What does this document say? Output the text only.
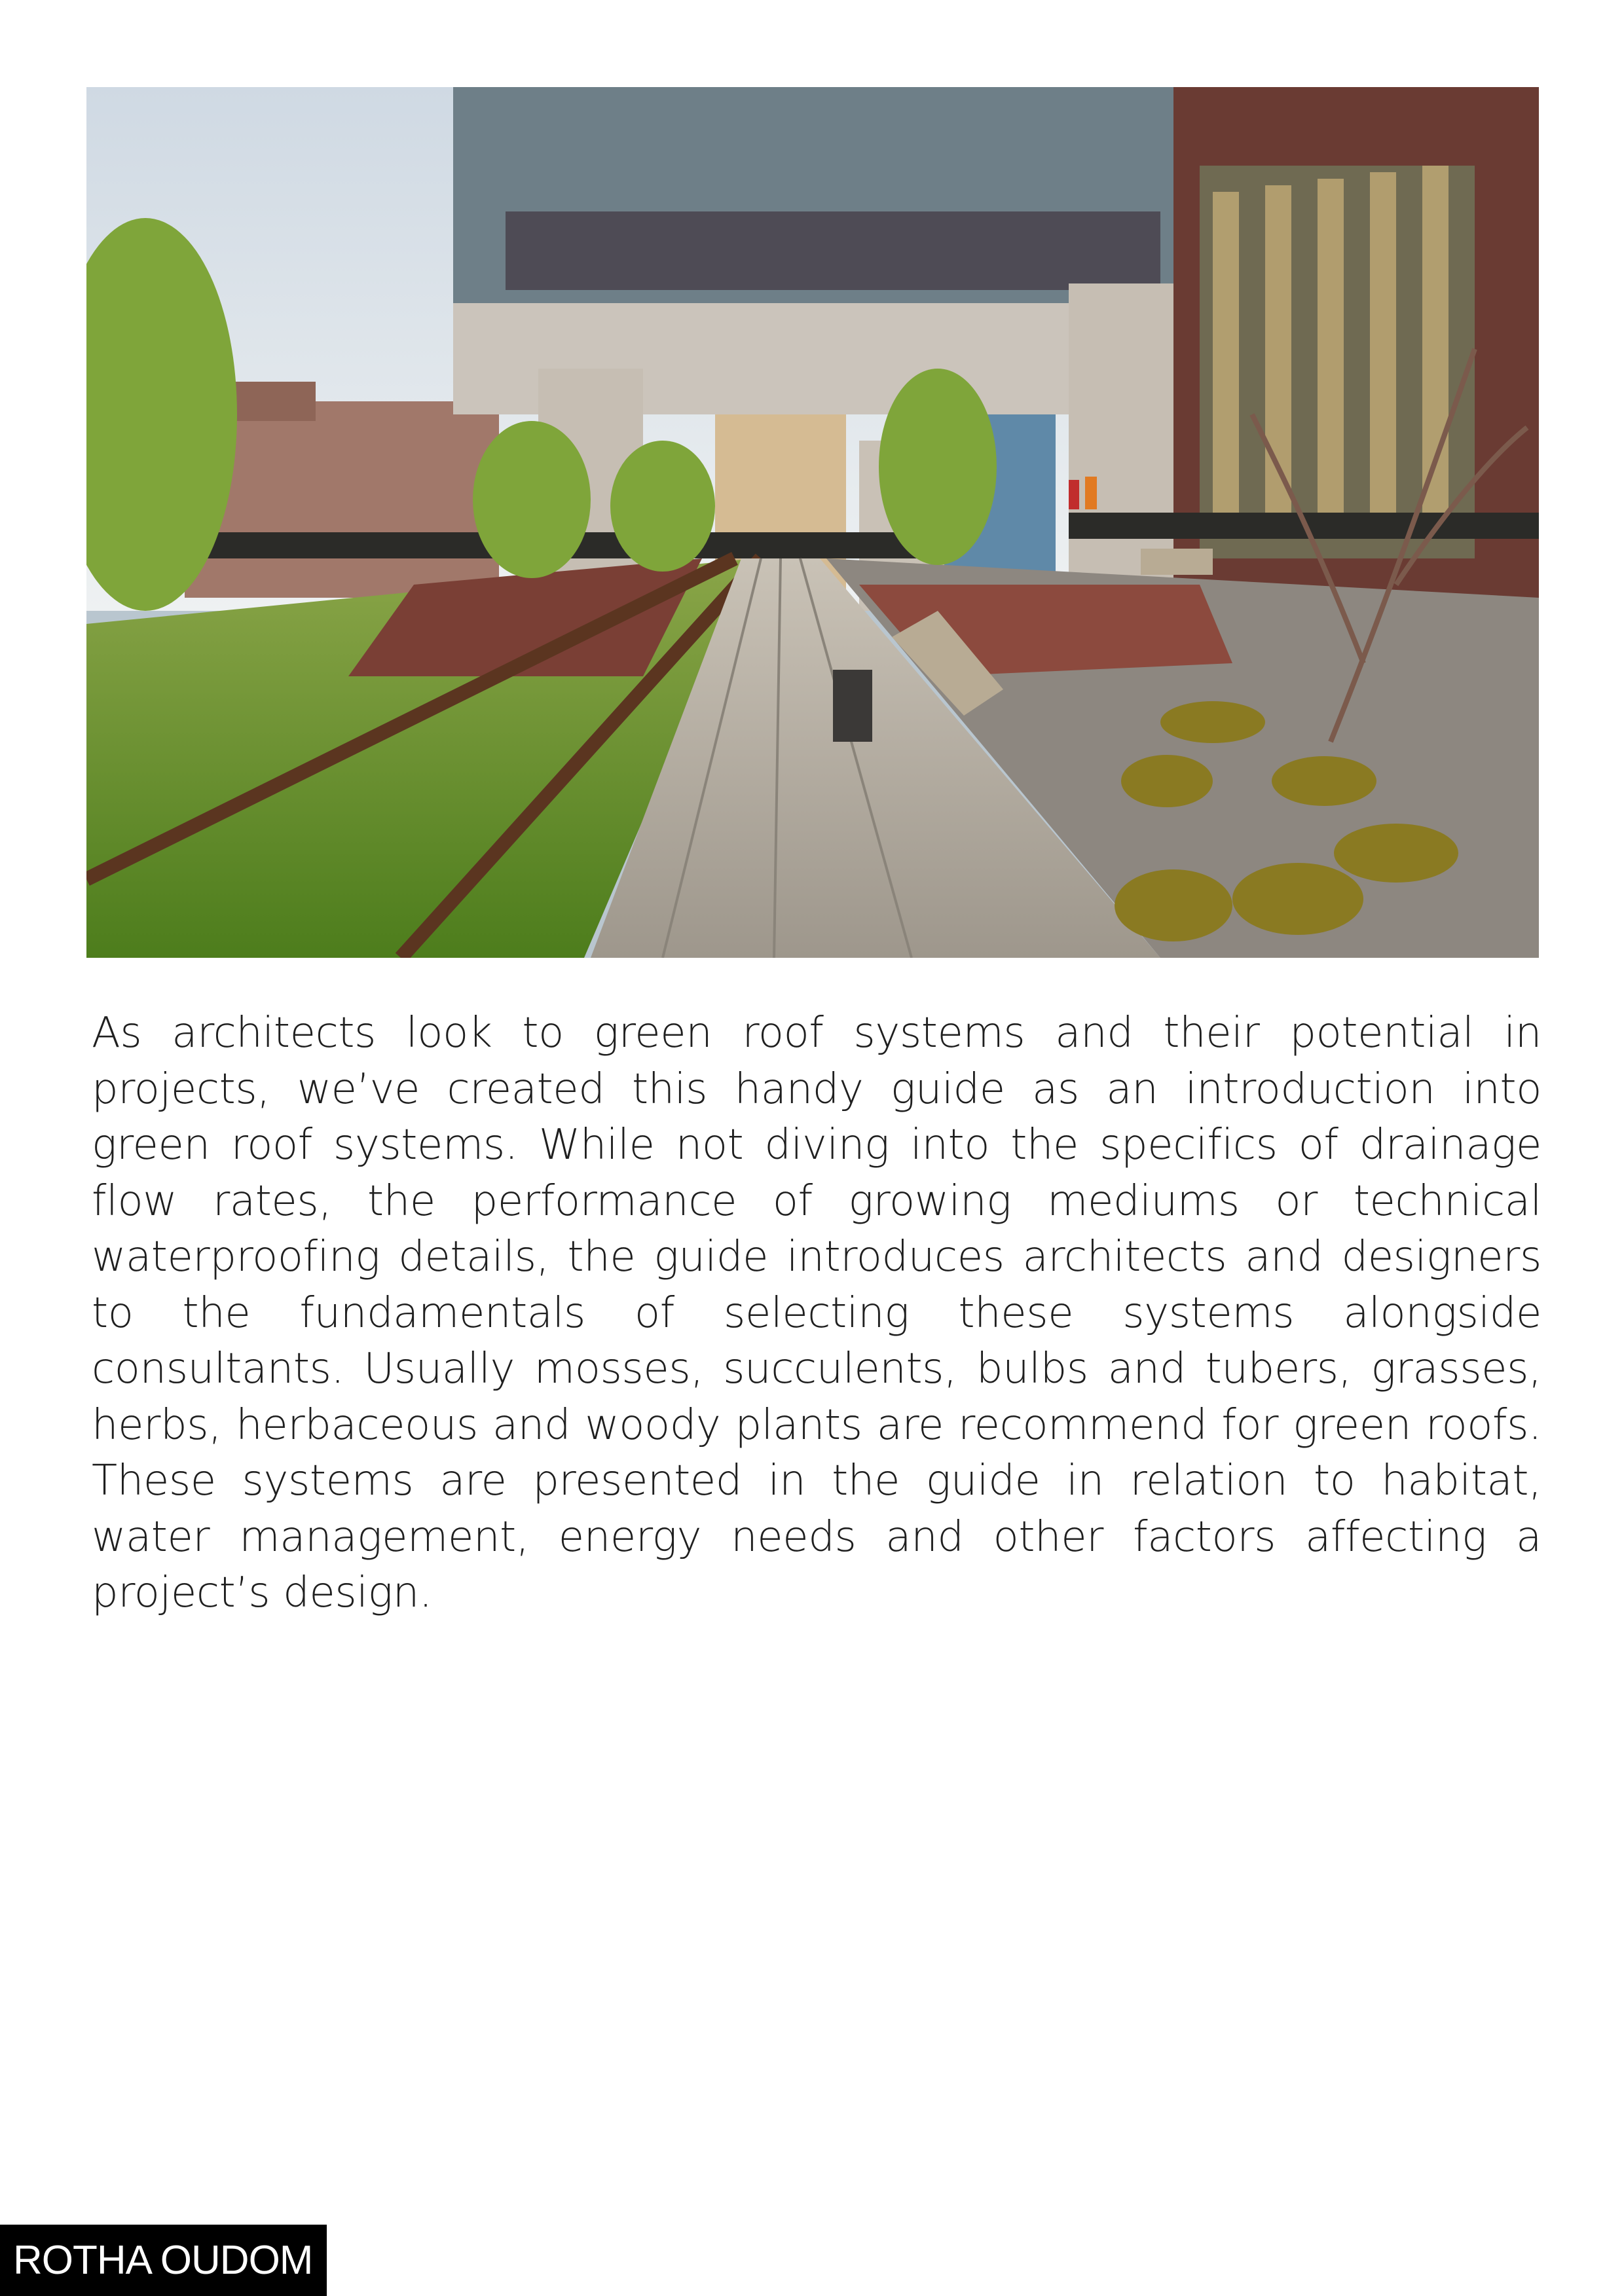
As architects look to green roof systems and their potential in projects, we’ve created this handy guide as an introduction into green roof systems. While not diving into the specifics of drainage flow rates, the performance of growing mediums or technical waterproofing details, the guide introduces architects and designers to the fundamentals of selecting these systems alongside consultants. Usually mosses, succulents, bulbs and tubers, grasses, herbs, herbaceous and woody plants are recommend for green roofs. These systems are presented in the guide in relation to habitat, water management, energy needs and other factors affecting a project’s design.

ROTHA OUDOM
